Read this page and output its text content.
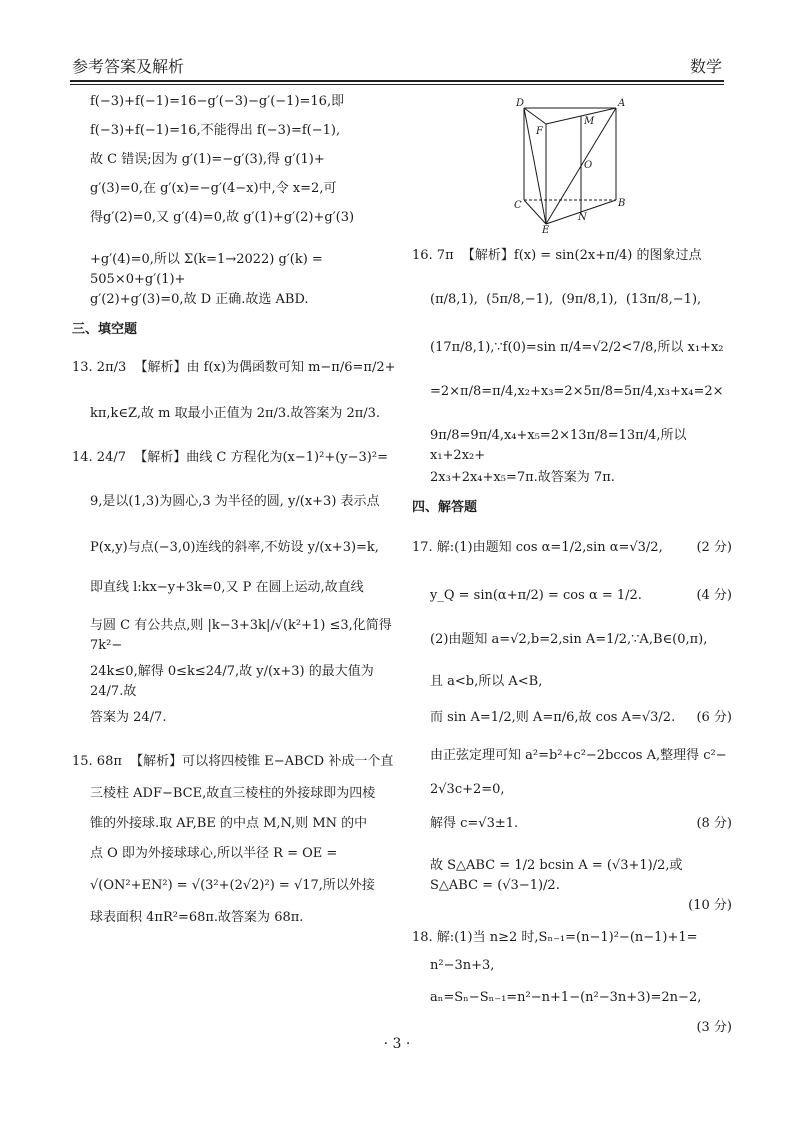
参考答案及解析	数学
f(−3)+f(−1)=16−g′(−3)−g′(−1)=16,即
f(−3)+f(−1)=16,不能得出 f(−3)=f(−1),
故 C 错误;因为 g′(1)=−g′(3),得 g′(1)+
g′(3)=0,在 g′(x)=−g′(4−x)中,令 x=2,可
得g′(2)=0,又 g′(4)=0,故 g′(1)+g′(2)+g′(3)
+g′(4)=0,所以 Σ(k=1→2022) g′(k) = 505×0+g′(1)+
g′(2)+g′(3)=0,故 D 正确.故选 ABD.
三、填空题
13. 2π/3  【解析】由 f(x)为偶函数可知 m−π/6=π/2+
kπ,k∈Z,故 m 取最小正值为 2π/3.故答案为 2π/3.
14. 24/7  【解析】曲线 C 方程化为(x−1)²+(y−3)²=
9,是以(1,3)为圆心,3 为半径的圆, y/(x+3) 表示点
P(x,y)与点(−3,0)连线的斜率,不妨设 y/(x+3)=k,
即直线 l:kx−y+3k=0,又 P 在圆上运动,故直线
与圆 C 有公共点,则 |k−3+3k|/√(k²+1) ≤3,化简得 7k²−
24k≤0,解得 0≤k≤24/7,故 y/(x+3) 的最大值为 24/7.故
答案为 24/7.
15. 68π  【解析】可以将四棱锥 E−ABCD 补成一个直
三棱柱 ADF−BCE,故直三棱柱的外接球即为四棱
锥的外接球.取 AF,BE 的中点 M,N,则 MN 的中
点 O 即为外接球球心,所以半径 R = OE =
√(ON²+EN²) = √(3²+(2√2)²) = √17,所以外接
球表面积 4πR²=68π.故答案为 68π.
D	A
F
M
O
C
N
B
E
16. 7π  【解析】f(x) = sin(2x+π/4) 的图象过点
(π/8,1),  (5π/8,−1),  (9π/8,1),  (13π/8,−1),
(17π/8,1),∵f(0)=sin π/4=√2/2<7/8,所以 x₁+x₂
=2×π/8=π/4,x₂+x₃=2×5π/8=5π/4,x₃+x₄=2×
9π/8=9π/4,x₄+x₅=2×13π/8=13π/4,所以 x₁+2x₂+
2x₃+2x₄+x₅=7π.故答案为 7π.
四、解答题
17. 解:(1)由题知 cos α=1/2,sin α=√3/2,	(2 分)
y_Q = sin(α+π/2) = cos α = 1/2.	(4 分)
(2)由题知 a=√2,b=2,sin A=1/2,∵A,B∈(0,π),
且 a<b,所以 A<B,
而 sin A=1/2,则 A=π/6,故 cos A=√3/2.	(6 分)
由正弦定理可知 a²=b²+c²−2bccos A,整理得 c²−
2√3c+2=0,
解得 c=√3±1.	(8 分)
故 S△ABC = 1/2 bcsin A = (√3+1)/2,或 S△ABC = (√3−1)/2.
(10 分)
18. 解:(1)当 n≥2 时,Sₙ₋₁=(n−1)²−(n−1)+1=
n²−3n+3,
aₙ=Sₙ−Sₙ₋₁=n²−n+1−(n²−3n+3)=2n−2,
(3 分)
· 3 ·
